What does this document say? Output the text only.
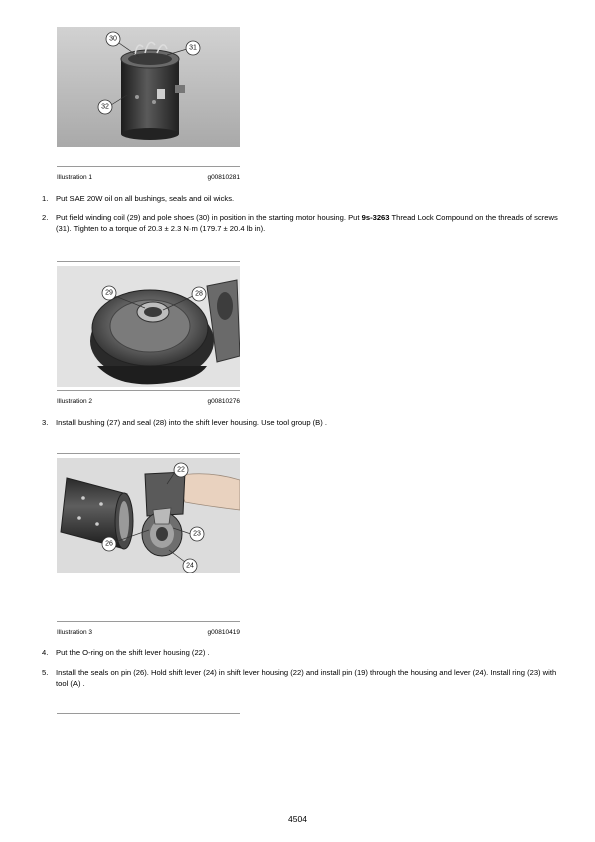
30
31
32
Illustration 1	g00810281
1.	Put SAE 20W oil on all bushings, seals and oil wicks.
2.	Put field winding coil (29) and pole shoes (30) in position in the starting motor housing. Put 9s-3263 Thread Lock Compound on the threads of screws (31). Tighten to a torque of 20.3 ± 2.3 N·m (179.7 ± 20.4 lb in).
29	28
Illustration 2	g00810276
3.	Install bushing (27) and seal (28) into the shift lever housing. Use tool group (B) .
22
23
26
24
Illustration 3	g00810419
4.	Put the O-ring on the shift lever housing (22) .
5.	Install the seals on pin (26). Hold shift lever (24) in shift lever housing (22) and install pin (19) through the housing and lever (24). Install ring (23) with tool (A) .
4504
